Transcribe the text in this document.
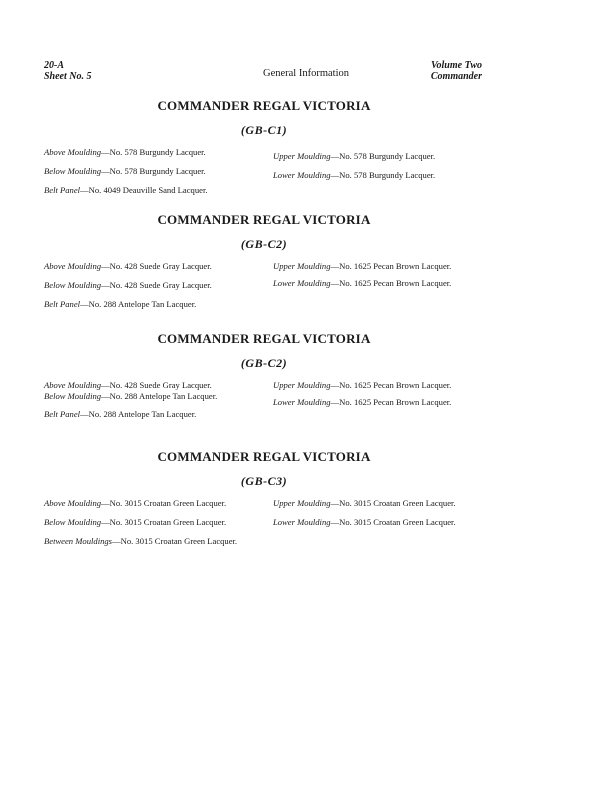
20-A
Sheet No. 5	General Information
Volume Two
Commander
COMMANDER REGAL VICTORIA
(GB-C1)
Above Moulding—No. 578 Burgundy Lacquer.
Below Moulding—No. 578 Burgundy Lacquer.
Belt Panel—No. 4049 Deauville Sand Lacquer.
Upper Moulding—No. 578 Burgundy Lacquer.
Lower Moulding—No. 578 Burgundy Lacquer.
COMMANDER REGAL VICTORIA
(GB-C2)
Above Moulding—No. 428 Suede Gray Lacquer.
Below Moulding—No. 428 Suede Gray Lacquer.
Belt Panel—No. 288 Antelope Tan Lacquer.
Upper Moulding—No. 1625 Pecan Brown Lacquer.
Lower Moulding—No. 1625 Pecan Brown Lacquer.
COMMANDER REGAL VICTORIA
(GB-C2)
Above Moulding—No. 428 Suede Gray Lacquer.
Below Moulding—No. 288 Antelope Tan Lacquer.
Belt Panel—No. 288 Antelope Tan Lacquer.
Upper Moulding—No. 1625 Pecan Brown Lacquer.
Lower Moulding—No. 1625 Pecan Brown Lacquer.
COMMANDER REGAL VICTORIA
(GB-C3)
Above Moulding—No. 3015 Croatan Green Lacquer.
Below Moulding—No. 3015 Croatan Green Lacquer.
Between Mouldings—No. 3015 Croatan Green Lacquer.
Upper Moulding—No. 3015 Croatan Green Lacquer.
Lower Moulding—No. 3015 Croatan Green Lacquer.
